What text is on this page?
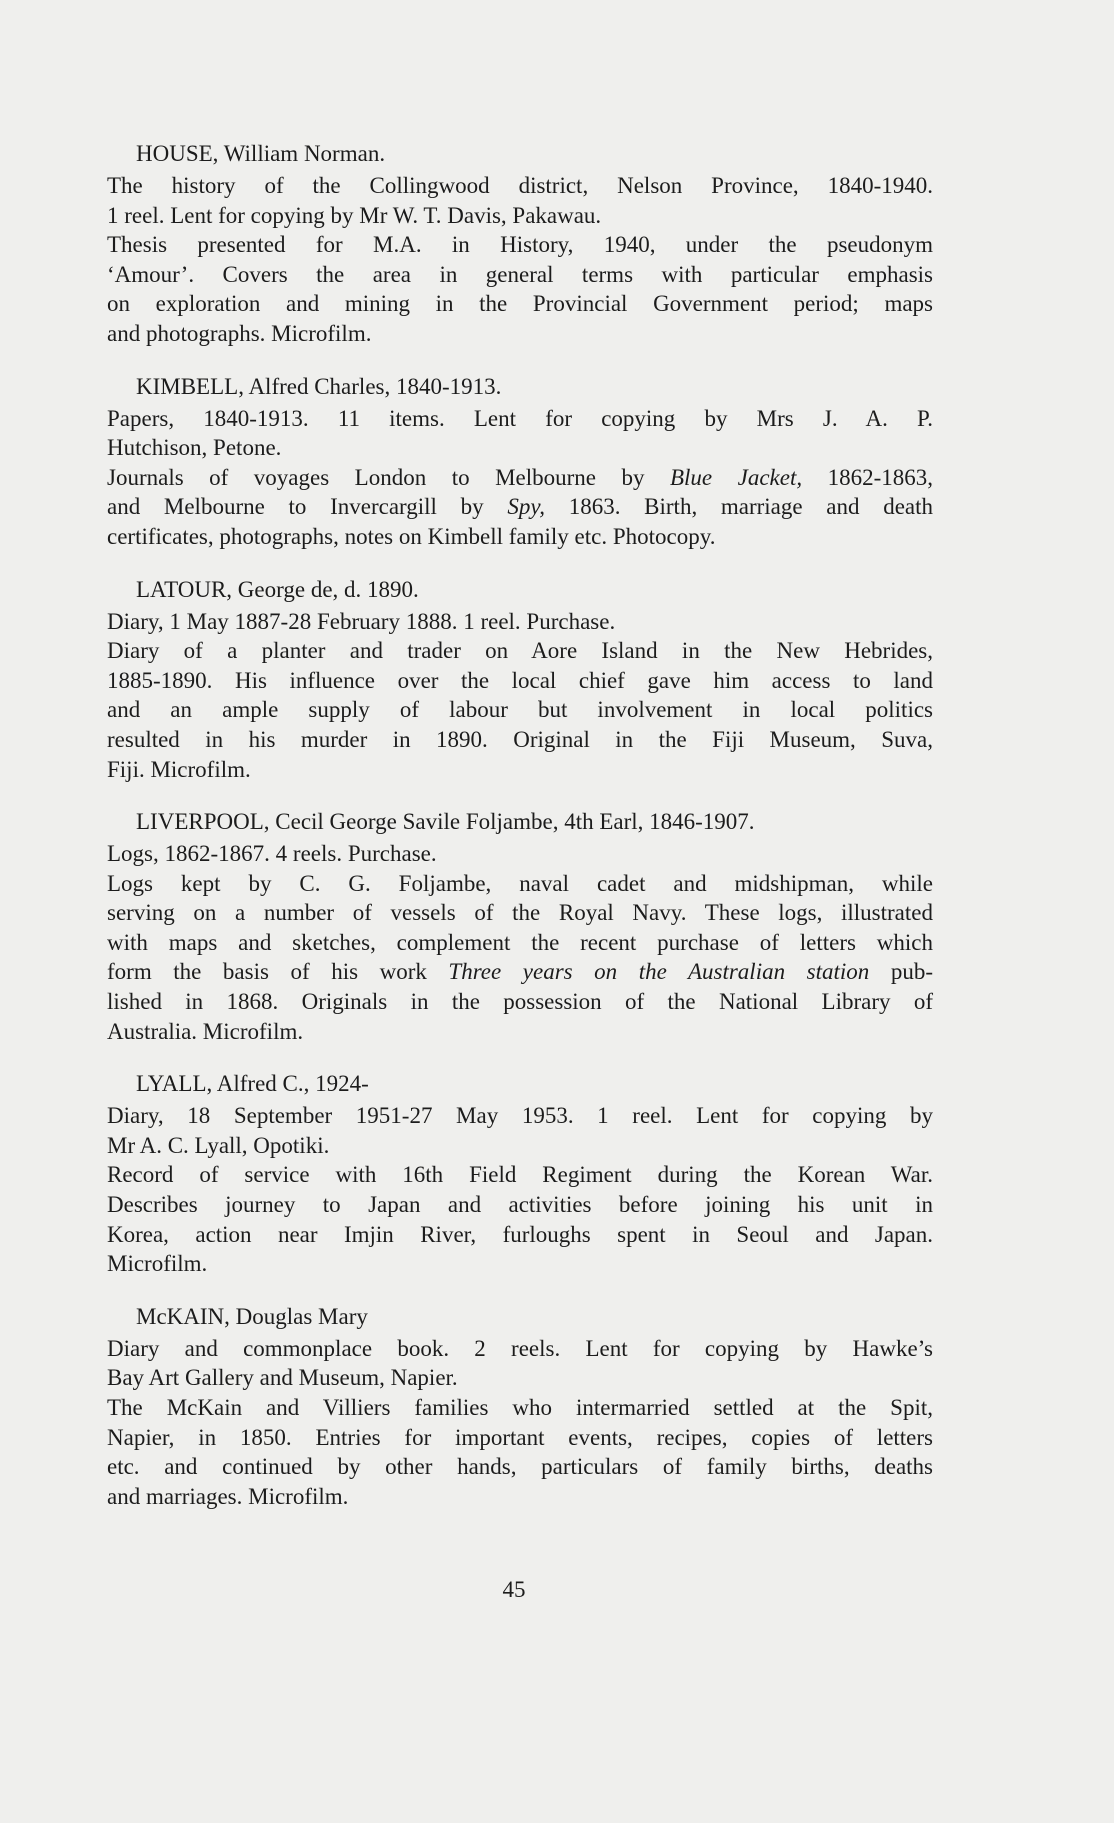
HOUSE, William Norman.

The history of the Collingwood district, Nelson Province, 1840-1940.
1 reel. Lent for copying by Mr W. T. Davis, Pakawau.
Thesis presented for M.A. in History, 1940, under the pseudonym
‘Amour’. Covers the area in general terms with particular emphasis
on exploration and mining in the Provincial Government period; maps
and photographs. Microfilm.

KIMBELL, Alfred Charles, 1840-1913.

Papers, 1840-1913. 11 items. Lent for copying by Mrs J. A. P.
Hutchison, Petone.
Journals of voyages London to Melbourne by Blue Jacket, 1862-1863,
and Melbourne to Invercargill by Spy, 1863. Birth, marriage and death
certificates, photographs, notes on Kimbell family etc. Photocopy.

LATOUR, George de, d. 1890.

Diary, 1 May 1887-28 February 1888. 1 reel. Purchase.
Diary of a planter and trader on Aore Island in the New Hebrides,
1885-1890. His influence over the local chief gave him access to land
and an ample supply of labour but involvement in local politics
resulted in his murder in 1890. Original in the Fiji Museum, Suva,
Fiji. Microfilm.

LIVERPOOL, Cecil George Savile Foljambe, 4th Earl, 1846-1907.

Logs, 1862-1867. 4 reels. Purchase.
Logs kept by C. G. Foljambe, naval cadet and midshipman, while
serving on a number of vessels of the Royal Navy. These logs, illustrated
with maps and sketches, complement the recent purchase of letters which
form the basis of his work Three years on the Australian station pub-
lished in 1868. Originals in the possession of the National Library of
Australia. Microfilm.

LYALL, Alfred C., 1924-

Diary, 18 September 1951-27 May 1953. 1 reel. Lent for copying by
Mr A. C. Lyall, Opotiki.
Record of service with 16th Field Regiment during the Korean War.
Describes journey to Japan and activities before joining his unit in
Korea, action near Imjin River, furloughs spent in Seoul and Japan.
Microfilm.

McKAIN, Douglas Mary

Diary and commonplace book. 2 reels. Lent for copying by Hawke’s
Bay Art Gallery and Museum, Napier.
The McKain and Villiers families who intermarried settled at the Spit,
Napier, in 1850. Entries for important events, recipes, copies of letters
etc. and continued by other hands, particulars of family births, deaths
and marriages. Microfilm.

45
